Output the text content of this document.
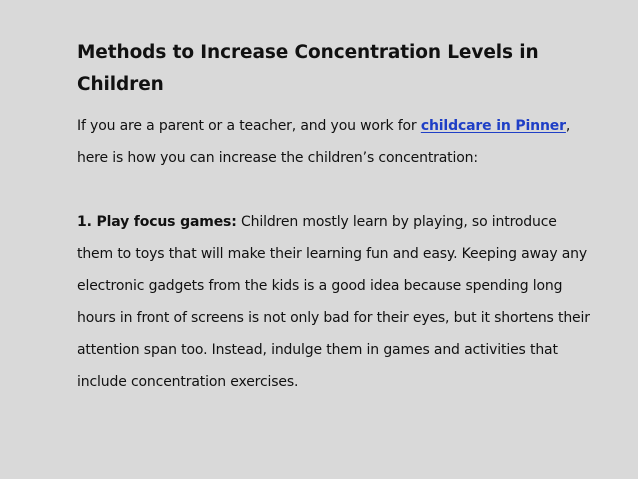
Methods to Increase Concentration Levels in Children

If you are a parent or a teacher, and you work for childcare in Pinner, here is how you can increase the children’s concentration:

1. Play focus games: Children mostly learn by playing, so introduce them to toys that will make their learning fun and easy. Keeping away any electronic gadgets from the kids is a good idea because spending long hours in front of screens is not only bad for their eyes, but it shortens their attention span too. Instead, indulge them in games and activities that include concentration exercises.
